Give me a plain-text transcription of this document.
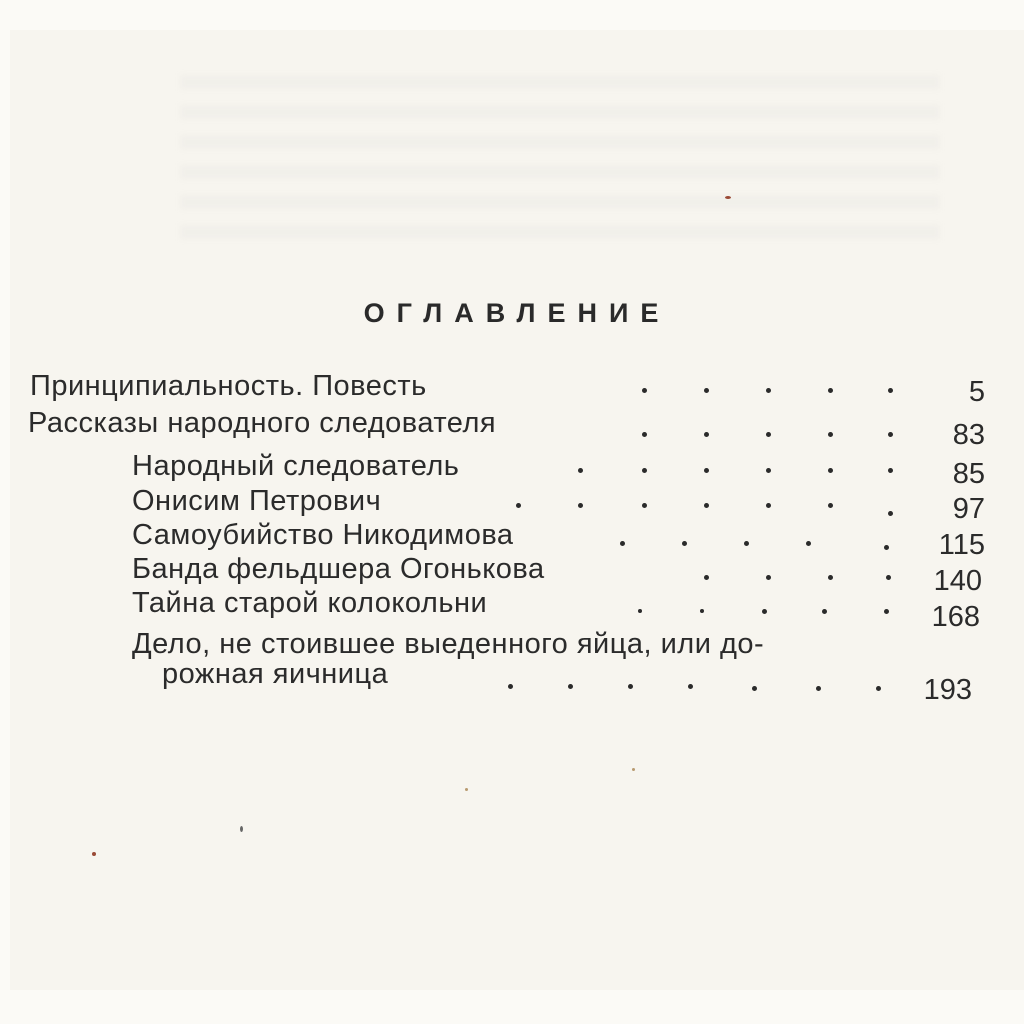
ОГЛАВЛЕНИЕ
Принципиальность. Повесть	5
Рассказы народного следователя	83
Народный следователь	85
Онисим Петрович	97
Самоубийство Никодимова	115
Банда фельдшера Огонькова	140
Тайна старой колокольни	168
Дело, не стоившее выеденного яйца, или до-
рожная яичница	193
